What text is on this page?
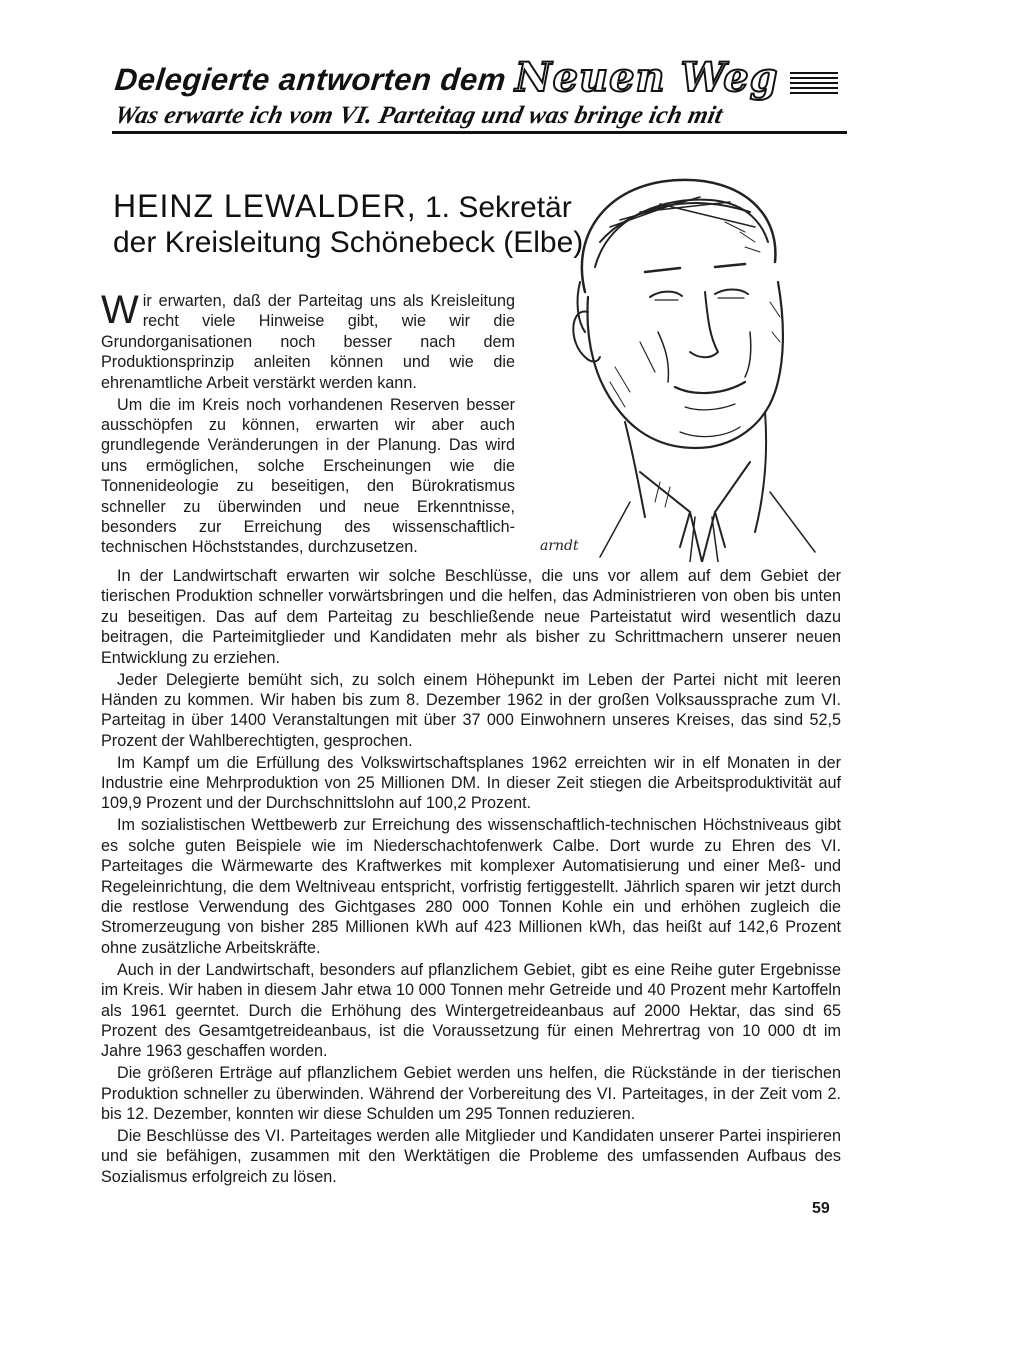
Delegierte antworten dem Neuen Weg
Was erwarte ich vom VI. Parteitag und was bringe ich mit
HEINZ LEWALDER, 1. Sekretär
der Kreisleitung Schönebeck (Elbe)
arndt

Wir erwarten, daß der Parteitag uns als Kreisleitung recht viele Hinweise gibt, wie wir die Grundorganisationen noch besser nach dem Produktionsprinzip anleiten können und wie die ehrenamtliche Arbeit verstärkt werden kann.

Um die im Kreis noch vorhandenen Reserven besser ausschöpfen zu können, erwarten wir aber auch grundlegende Veränderungen in der Planung. Das wird uns ermöglichen, solche Erscheinungen wie die Tonnenideologie zu beseitigen, den Bürokratismus schneller zu überwinden und neue Erkenntnisse, besonders zur Erreichung des wissenschaftlich-technischen Höchststandes, durchzusetzen.

In der Landwirtschaft erwarten wir solche Beschlüsse, die uns vor allem auf dem Gebiet der tierischen Produktion schneller vorwärtsbringen und die helfen, das Administrieren von oben bis unten zu beseitigen. Das auf dem Parteitag zu beschließende neue Parteistatut wird wesentlich dazu beitragen, die Parteimitglieder und Kandidaten mehr als bisher zu Schrittmachern unserer neuen Entwicklung zu erziehen.

Jeder Delegierte bemüht sich, zu solch einem Höhepunkt im Leben der Partei nicht mit leeren Händen zu kommen. Wir haben bis zum 8. Dezember 1962 in der großen Volksaussprache zum VI. Parteitag in über 1400 Veranstaltungen mit über 37 000 Einwohnern unseres Kreises, das sind 52,5 Prozent der Wahlberechtigten, gesprochen.

Im Kampf um die Erfüllung des Volkswirtschaftsplanes 1962 erreichten wir in elf Monaten in der Industrie eine Mehrproduktion von 25 Millionen DM. In dieser Zeit stiegen die Arbeitsproduktivität auf 109,9 Prozent und der Durchschnittslohn auf 100,2 Prozent.

Im sozialistischen Wettbewerb zur Erreichung des wissenschaftlich-technischen Höchstniveaus gibt es solche guten Beispiele wie im Niederschachtofenwerk Calbe. Dort wurde zu Ehren des VI. Parteitages die Wärmewarte des Kraftwerkes mit komplexer Automatisierung und einer Meß- und Regeleinrichtung, die dem Weltniveau entspricht, vorfristig fertiggestellt. Jährlich sparen wir jetzt durch die restlose Verwendung des Gichtgases 280 000 Tonnen Kohle ein und erhöhen zugleich die Stromerzeugung von bisher 285 Millionen kWh auf 423 Millionen kWh, das heißt auf 142,6 Prozent ohne zusätzliche Arbeitskräfte.

Auch in der Landwirtschaft, besonders auf pflanzlichem Gebiet, gibt es eine Reihe guter Ergebnisse im Kreis. Wir haben in diesem Jahr etwa 10 000 Tonnen mehr Getreide und 40 Prozent mehr Kartoffeln als 1961 geerntet. Durch die Erhöhung des Wintergetreideanbaus auf 2000 Hektar, das sind 65 Prozent des Gesamtgetreideanbaus, ist die Voraussetzung für einen Mehrertrag von 10 000 dt im Jahre 1963 geschaffen worden.

Die größeren Erträge auf pflanzlichem Gebiet werden uns helfen, die Rückstände in der tierischen Produktion schneller zu überwinden. Während der Vorbereitung des VI. Parteitages, in der Zeit vom 2. bis 12. Dezember, konnten wir diese Schulden um 295 Tonnen reduzieren.

Die Beschlüsse des VI. Parteitages werden alle Mitglieder und Kandidaten unserer Partei inspirieren und sie befähigen, zusammen mit den Werktätigen die Probleme des umfassenden Aufbaus des Sozialismus erfolgreich zu lösen.

59
